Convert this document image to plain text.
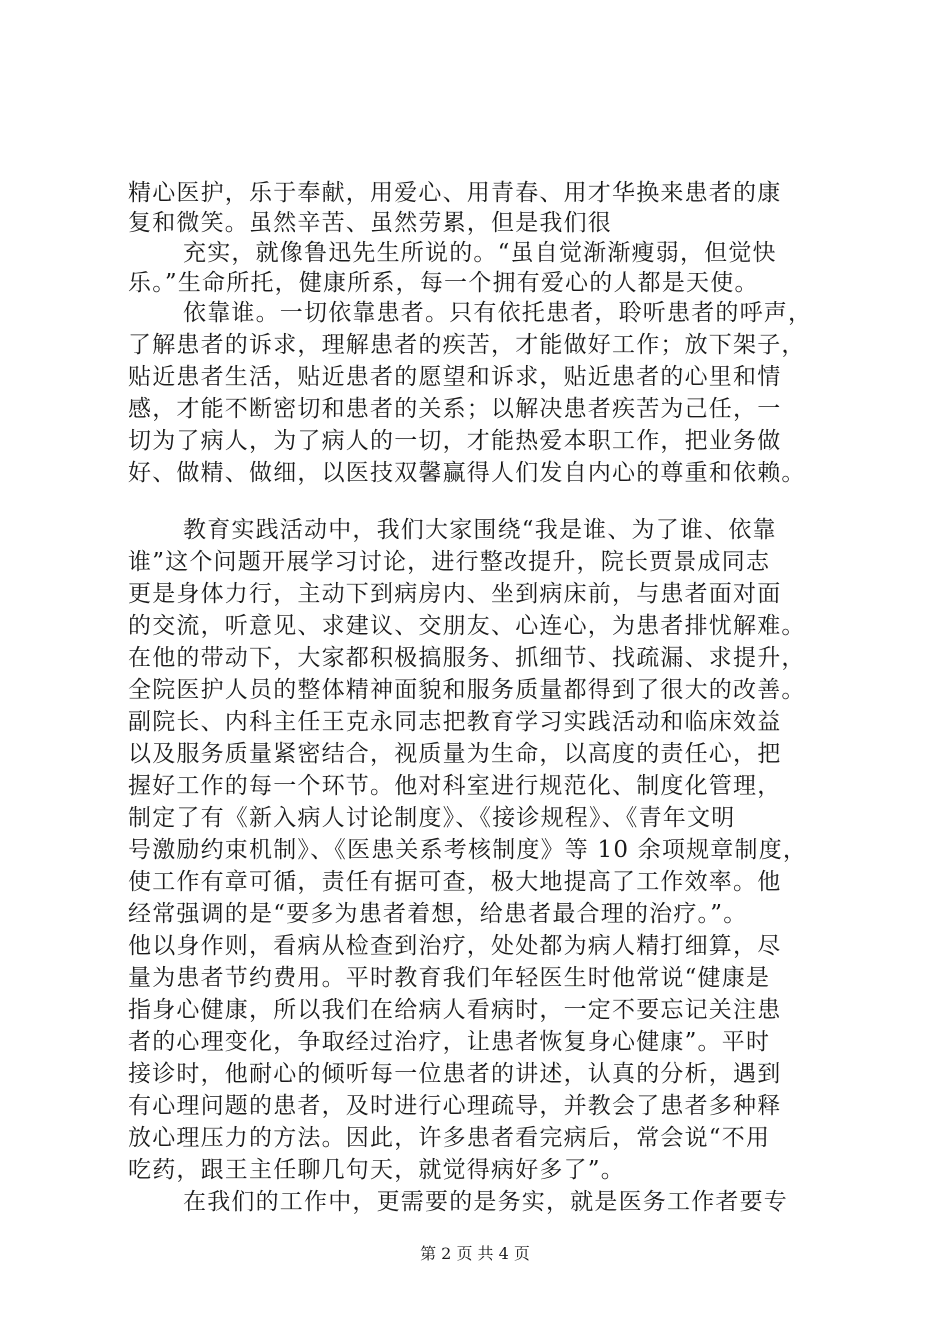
精心医护，乐于奉献，用爱心、用青春、用才华换来患者的康
复和微笑。虽然辛苦、虽然劳累，但是我们很
充实，就像鲁迅先生所说的。“虽自觉渐渐瘦弱，但觉快
乐。”生命所托，健康所系，每一个拥有爱心的人都是天使。
依靠谁。一切依靠患者。只有依托患者，聆听患者的呼声，
了解患者的诉求，理解患者的疾苦，才能做好工作；放下架子，
贴近患者生活，贴近患者的愿望和诉求，贴近患者的心里和情
感，才能不断密切和患者的关系；以解决患者疾苦为己任，一
切为了病人，为了病人的一切，才能热爱本职工作，把业务做
好、做精、做细，以医技双馨赢得人们发自内心的尊重和依赖。
教育实践活动中，我们大家围绕“我是谁、为了谁、依靠
谁”这个问题开展学习讨论，进行整改提升，院长贾景成同志
更是身体力行，主动下到病房内、坐到病床前，与患者面对面
的交流，听意见、求建议、交朋友、心连心，为患者排忧解难。
在他的带动下，大家都积极搞服务、抓细节、找疏漏、求提升，
全院医护人员的整体精神面貌和服务质量都得到了很大的改善。
副院长、内科主任王克永同志把教育学习实践活动和临床效益
以及服务质量紧密结合，视质量为生命，以高度的责任心，把
握好工作的每一个环节。他对科室进行规范化、制度化管理，
制定了有《新入病人讨论制度》、《接诊规程》、《青年文明
号激励约束机制》、《医患关系考核制度》等 10 余项规章制度，
使工作有章可循，责任有据可查，极大地提高了工作效率。他
经常强调的是“要多为患者着想，给患者最合理的治疗。”。
他以身作则，看病从检查到治疗，处处都为病人精打细算，尽
量为患者节约费用。平时教育我们年轻医生时他常说“健康是
指身心健康，所以我们在给病人看病时，一定不要忘记关注患
者的心理变化，争取经过治疗，让患者恢复身心健康”。平时
接诊时，他耐心的倾听每一位患者的讲述，认真的分析，遇到
有心理问题的患者，及时进行心理疏导，并教会了患者多种释
放心理压力的方法。因此，许多患者看完病后，常会说“不用
吃药，跟王主任聊几句天，就觉得病好多了”。
在我们的工作中，更需要的是务实，就是医务工作者要专
第 2 页 共 4 页
